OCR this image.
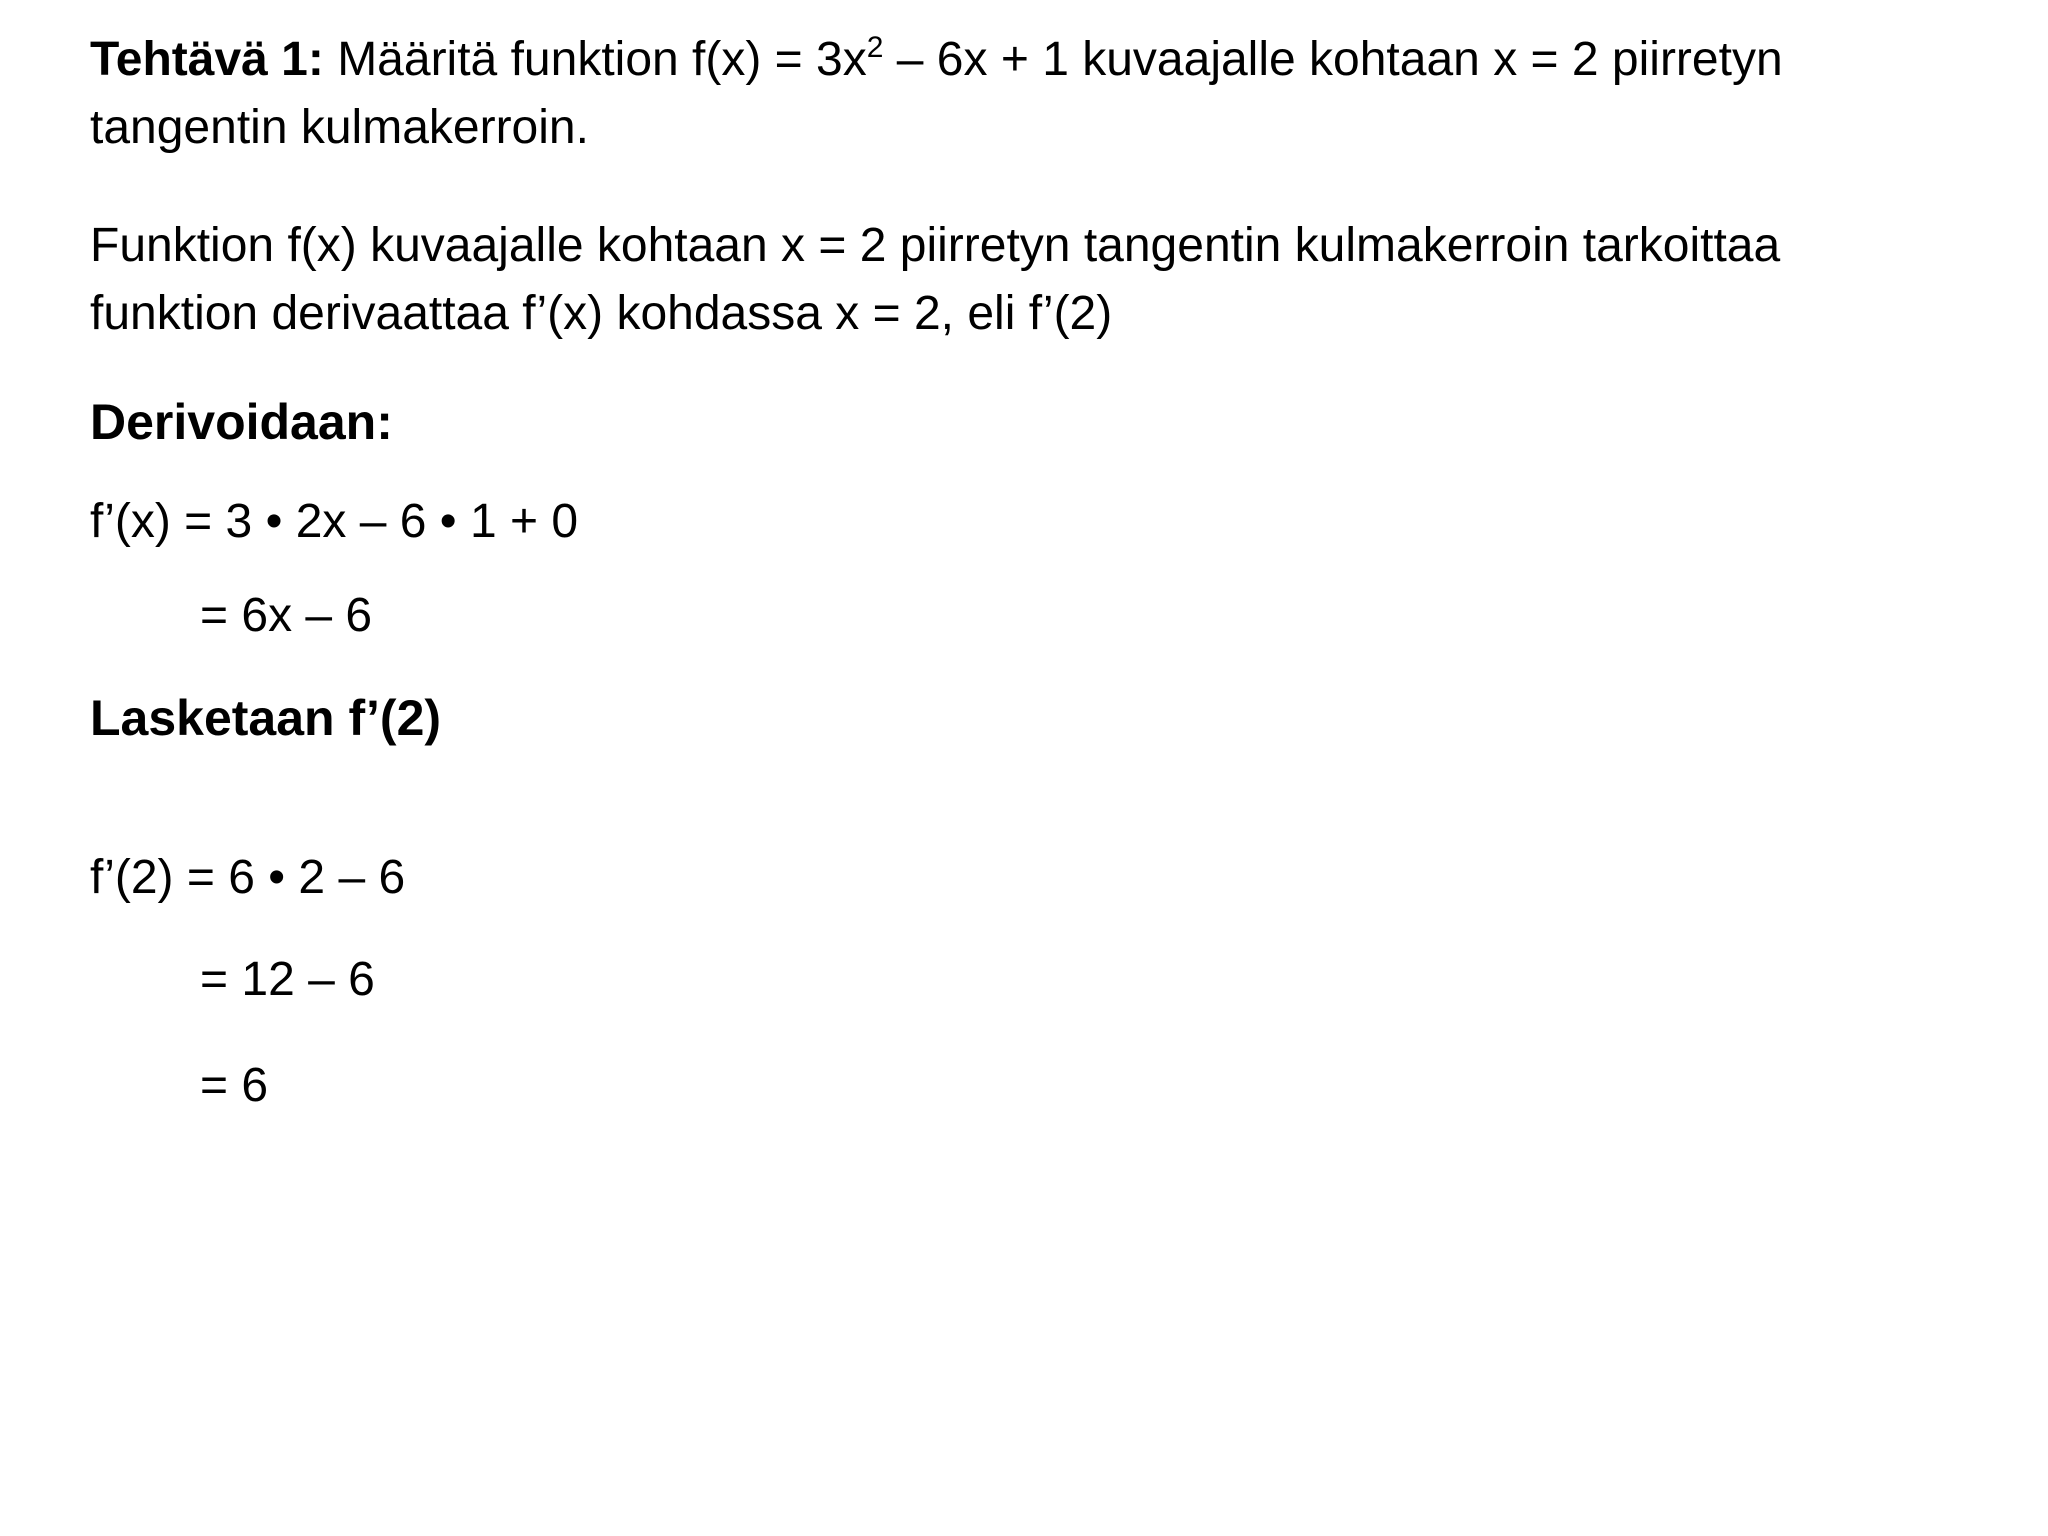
Tehtävä 1: Määritä funktion $f(x) = 3x^2 - 6x + 1$ kuvaajalle kohtaan x = 2 piirretyn
tangentin kulmakerroin.
Funktion f(x) kuvaajalle kohtaan x = 2 piirretyn tangentin kulmakerroin tarkoittaa
funktion derivaattaa f’(x) kohdassa x = 2, eli f’(2)
Derivoidaan:
f’(x) = 3 • 2x – 6 • 1 + 0
= 6x – 6
Lasketaan f’(2)
f’(2) = 6 • 2 – 6
= 12 – 6
= 6
